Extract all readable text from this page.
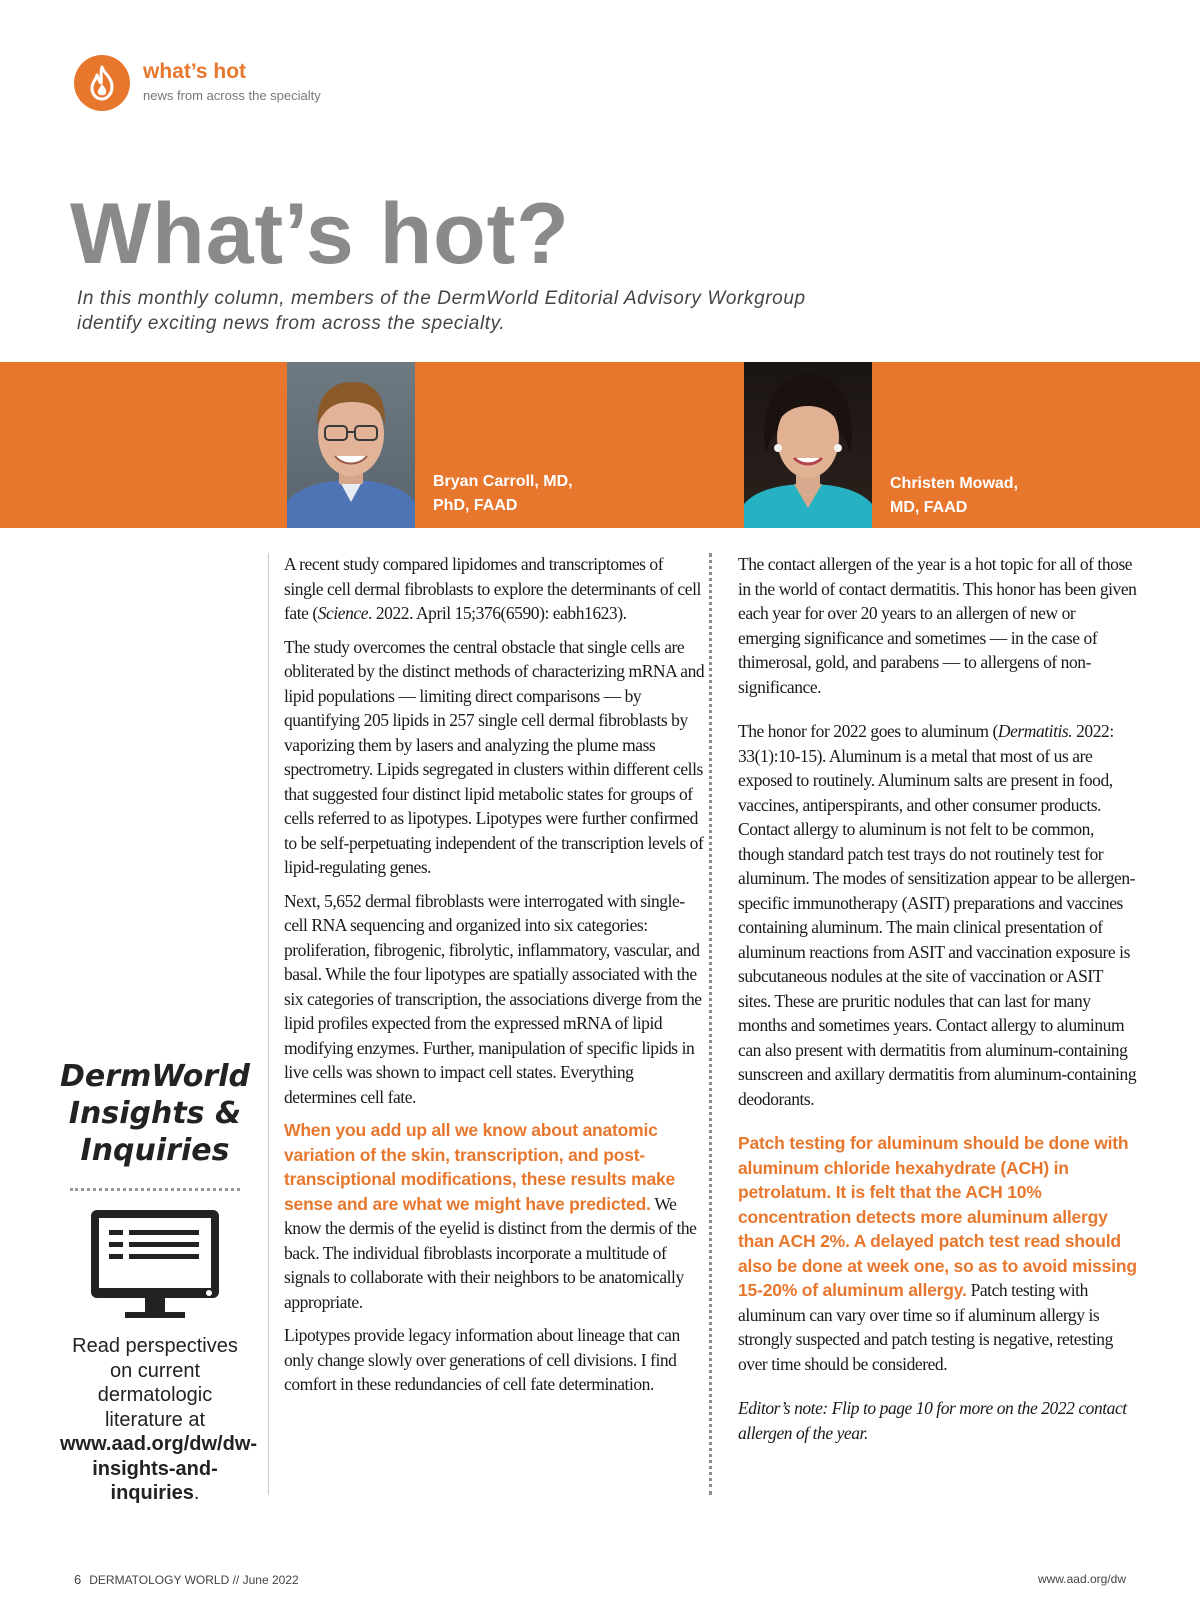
what’s hot
news from across the specialty
What’s hot?

In this monthly column, members of the DermWorld Editorial Advisory Workgroup identify exciting news from across the specialty.

Bryan Carroll, MD, PhD, FAAD
Christen Mowad, MD, FAAD
DermWorld Insights & Inquiries

Read perspectives on current dermatologic literature at www.aad.org/dw/dw-insights-and-inquiries.

A recent study compared lipidomes and transcriptomes of single cell dermal fibroblasts to explore the determinants of cell fate (Science. 2022. April 15;376(6590): eabh1623).

The study overcomes the central obstacle that single cells are obliterated by the distinct methods of characterizing mRNA and lipid populations — limiting direct comparisons — by quantifying 205 lipids in 257 single cell dermal fibroblasts by vaporizing them by lasers and analyzing the plume mass spectrometry. Lipids segregated in clusters within different cells that suggested four distinct lipid metabolic states for groups of cells referred to as lipotypes. Lipotypes were further confirmed to be self-perpetuating independent of the transcription levels of lipid-regulating genes.

Next, 5,652 dermal fibroblasts were interrogated with single-cell RNA sequencing and organized into six categories: proliferation, fibrogenic, fibrolytic, inflammatory, vascular, and basal. While the four lipotypes are spatially associated with the six categories of transcription, the associations diverge from the lipid profiles expected from the expressed mRNA of lipid modifying enzymes. Further, manipulation of specific lipids in live cells was shown to impact cell states. Everything determines cell fate.

When you add up all we know about anatomic variation of the skin, transcription, and post-transciptional modifications, these results make sense and are what we might have predicted. We know the dermis of the eyelid is distinct from the dermis of the back. The individual fibroblasts incorporate a multitude of signals to collaborate with their neighbors to be anatomically appropriate.

Lipotypes provide legacy information about lineage that can only change slowly over generations of cell divisions. I find comfort in these redundancies of cell fate determination.

The contact allergen of the year is a hot topic for all of those in the world of contact dermatitis. This honor has been given each year for over 20 years to an allergen of new or emerging significance and sometimes — in the case of thimerosal, gold, and parabens — to allergens of non-significance.

The honor for 2022 goes to aluminum (Dermatitis. 2022: 33(1):10-15). Aluminum is a metal that most of us are exposed to routinely. Aluminum salts are present in food, vaccines, antiperspirants, and other consumer products. Contact allergy to aluminum is not felt to be common, though standard patch test trays do not routinely test for aluminum. The modes of sensitization appear to be allergen-specific immunotherapy (ASIT) preparations and vaccines containing aluminum. The main clinical presentation of aluminum reactions from ASIT and vaccination exposure is subcutaneous nodules at the site of vaccination or ASIT sites. These are pruritic nodules that can last for many months and sometimes years. Contact allergy to aluminum can also present with dermatitis from aluminum-containing sunscreen and axillary dermatitis from aluminum-containing deodorants.

Patch testing for aluminum should be done with aluminum chloride hexahydrate (ACH) in petrolatum. It is felt that the ACH 10% concentration detects more aluminum allergy than ACH 2%. A delayed patch test read should also be done at week one, so as to avoid missing 15-20% of aluminum allergy. Patch testing with aluminum can vary over time so if aluminum allergy is strongly suspected and patch testing is negative, retesting over time should be considered.

Editor’s note: Flip to page 10 for more on the 2022 contact allergen of the year.

6 DERMATOLOGY WORLD // June 2022	www.aad.org/dw
